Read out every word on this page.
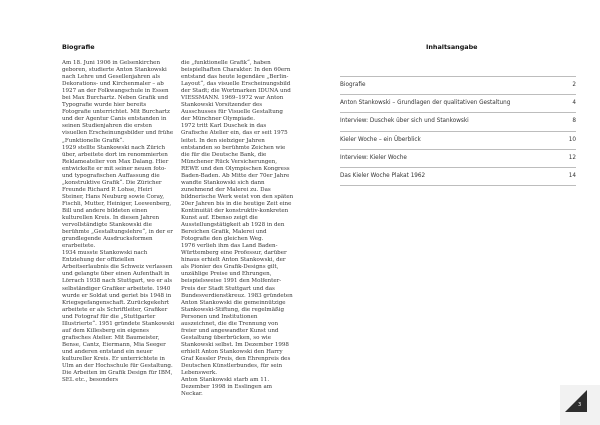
Biografie

Am 18. Juni 1906 in Gelsenkirchen geboren, studierte Anton Stankowski nach Lehre und Gesellenjahren als Dekorations- und Kirchenmaler – ab 1927 an der Folkwangschule in Essen bei Max Burchartz. Neben Grafik und Typografie wurde hier bereits Fotografie unterrichtet. Mit Burchartz und der Agentur Canis entstanden in seinen Studienjahren die ersten visuellen Erscheinungsbilder und frühe „Funktionelle Grafik“.

1929 stellte Stankowski nach Zürich über, arbeitete dort im renommierten Reklameatelier von Max Dalang. Hier entwickelte er mit seiner neuen foto- und typografischen Auffassung die „konstruktive Grafik“. Die Züricher Freunde Richard P. Lohse, Heiri Steiner, Hans Neuburg sowie Coray, Fischli, Mutter, Heiniger, Leewenberg, Bill und andere bildeten einen kulturellen Kreis. In diesen Jahren vervollständigte Stankowski die berühmte „Gestaltungslehre“, in der er grundlegende Ausdrucksformen erarbeitete.

1934 musste Stankowski nach Entziehung der offiziellen Arbeitserlaubnis die Schweiz verlassen und gelangte über einen Aufenthalt in Lörrach 1938 nach Stuttgart, wo er als selbständiger Grafiker arbeitete. 1940 wurde er Soldat und geriet bis 1948 in Kriegsgefangenschaft. Zurückgekehrt arbeitete er als Schriftleiter, Grafiker und Fotograf für die „Stuttgarter Illustrierte“. 1951 gründete Stankowski auf dem Killesberg ein eigenes grafisches Atelier. Mit Baumeister, Bense, Cantz, Eiermann, Mia Seeger und anderen entstand ein neuer kultureller Kreis. Er unterrichtete in Ulm an der Hochschule für Gestaltung. Die Arbeiten im Grafik Design für IBM, SEL etc., besonders

die „funktionelle Grafik“, haben beispielhaften Charakter. In den 60ern entstand das heute legendäre „Berlin-Layout“, das visuelle Erscheinungsbild der Stadt; die Wortmarken IDUNA und VIESSMANN. 1969–1972 war Anton Stankowski Vorsitzender des Ausschusses für Visuelle Gestaltung der Münchner Olympiade.

1972 tritt Karl Duschek in das Grafische Atelier ein, das er seit 1975 leitet. In den siebziger Jahren entstanden so berühmte Zeichen wie die für die Deutsche Bank, die Münchener Rück Versicherungen, REWE und den Olympischen Kongress Baden-Baden. Ab Mitte der 70er Jahre wandte Stankowski sich dann zunehmend der Malerei zu. Das bildnerische Werk weist von den späten 20er Jahren bis in die heutige Zeit eine Kontinuität der konstruktiv-konkreten Kunst auf. Ebenso zeigt die Ausstellungstätigkeit ab 1928 in den Bereichen Grafik, Malerei und Fotografie den gleichen Weg.

1976 verlieh ihm das Land Baden-Württemberg eine Professur, darüber hinaus erhielt Anton Stankowski, der als Pionier des Grafik-Designs gilt, unzählige Preise und Ehrungen, beispielsweise 1991 den Molfenter-Preis der Stadt Stuttgart und das Bundesverdienstkreuz. 1983 gründeten Anton Stankowski die gemeinnützige Stankowski-Stiftung, die regelmäßig Personen und Institutionen auszeichnet, die die Trennung von freier und angewandter Kunst und Gestaltung überbrücken, so wie Stankowski selbst. Im Dezember 1998 erhielt Anton Stankowski den Harry Graf Kessler Preis, den Ehrenpreis des Deutschen Künstlerbundes, für sein Lebenswerk.

Anton Stankowski starb am 11. Dezember 1998 in Esslingen am Neckar.

Inhaltsangabe
Biografie	2
Anton Stankowski – Grundlagen der qualitativen Gestaltung	4
Interview: Duschek über sich und Stankowski	8
Kieler Woche – ein Überblick	10
Interview: Kieler Woche	12
Das Kieler Woche Plakat 1962	14
3
